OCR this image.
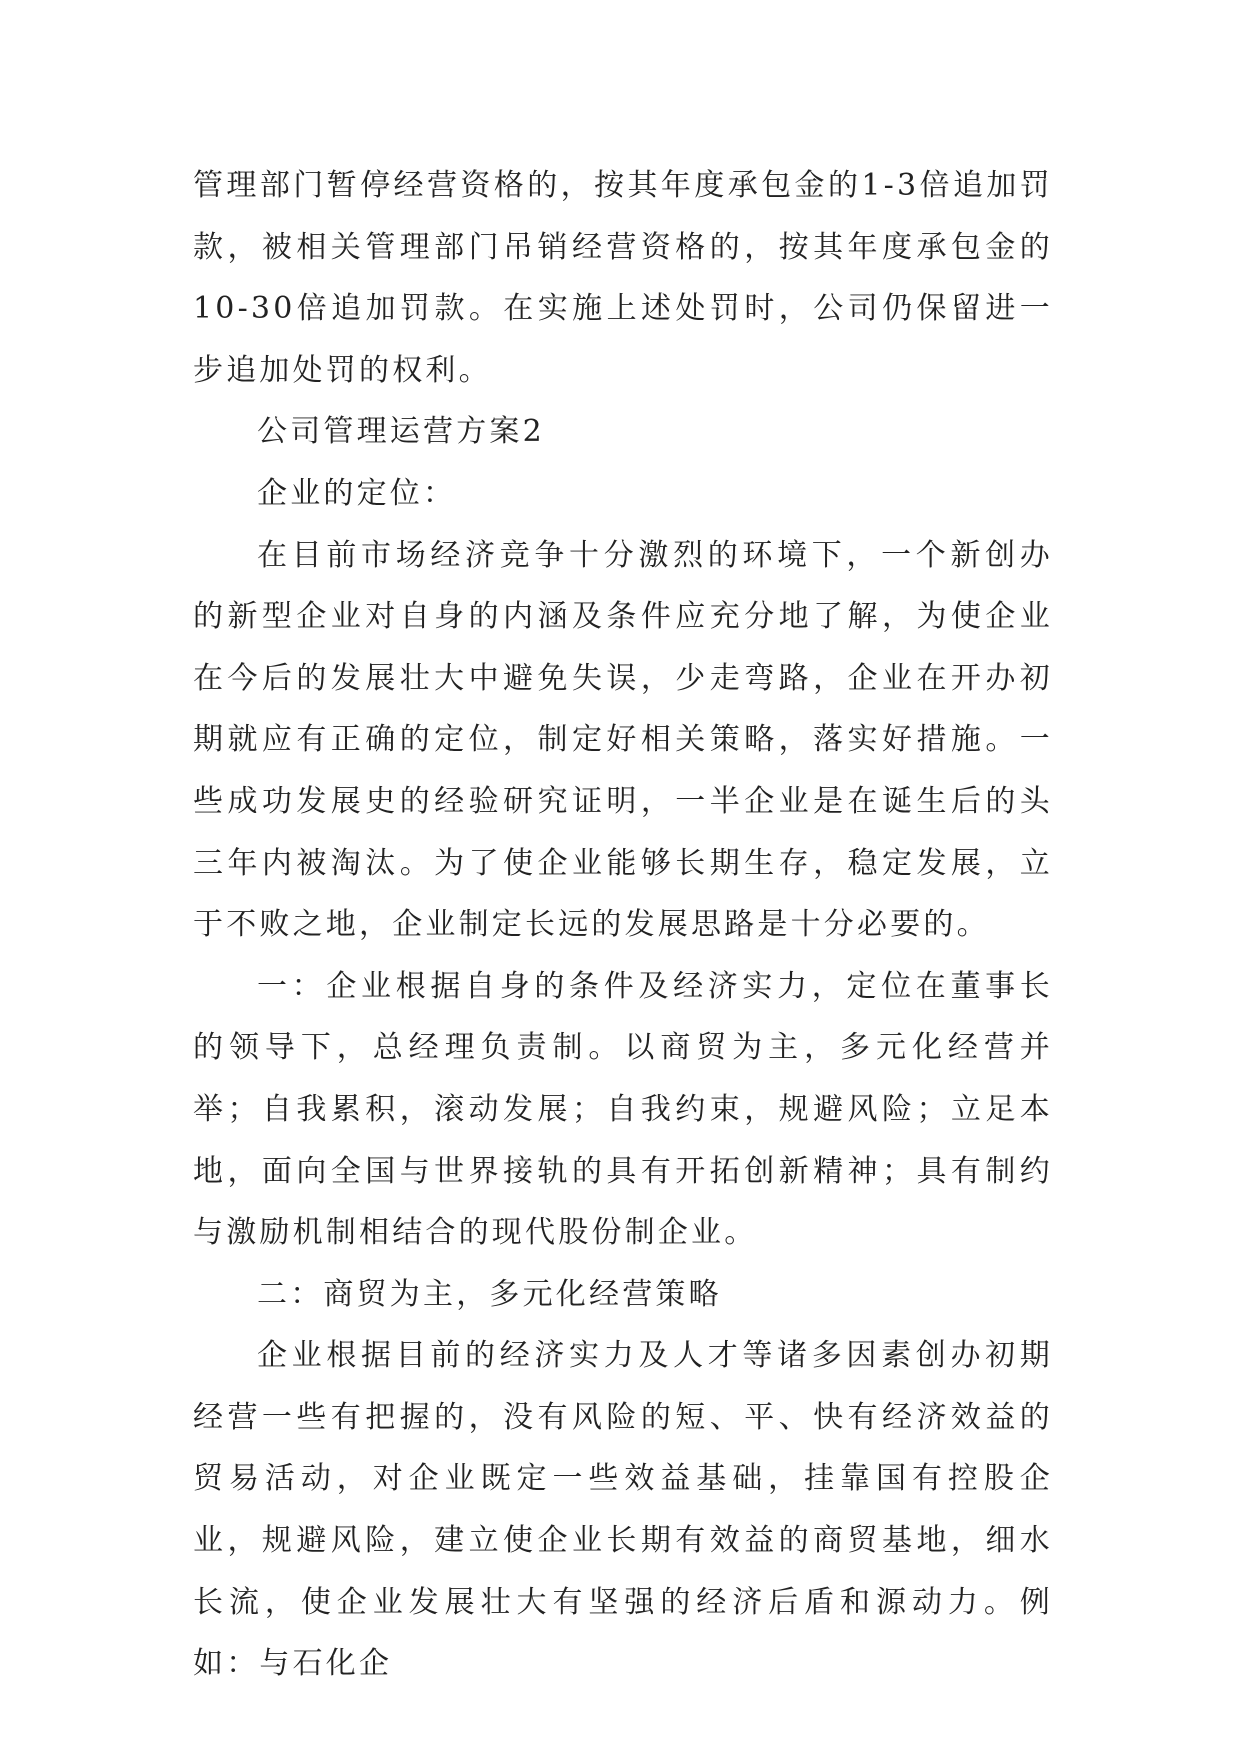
管理部门暂停经营资格的，按其年度承包金的1-3倍追加罚款，被相关管理部门吊销经营资格的，按其年度承包金的10-30倍追加罚款。在实施上述处罚时，公司仍保留进一步追加处罚的权利。

公司管理运营方案2

企业的定位：

在目前市场经济竞争十分激烈的环境下，一个新创办的新型企业对自身的内涵及条件应充分地了解，为使企业在今后的发展壮大中避免失误，少走弯路，企业在开办初期就应有正确的定位，制定好相关策略，落实好措施。一些成功发展史的经验研究证明，一半企业是在诞生后的头三年内被淘汰。为了使企业能够长期生存，稳定发展，立于不败之地，企业制定长远的发展思路是十分必要的。

一：企业根据自身的条件及经济实力，定位在董事长的领导下，总经理负责制。以商贸为主，多元化经营并举；自我累积，滚动发展；自我约束，规避风险；立足本地，面向全国与世界接轨的具有开拓创新精神；具有制约与激励机制相结合的现代股份制企业。

二：商贸为主，多元化经营策略

企业根据目前的经济实力及人才等诸多因素创办初期经营一些有把握的，没有风险的短、平、快有经济效益的贸易活动，对企业既定一些效益基础，挂靠国有控股企业，规避风险，建立使企业长期有效益的商贸基地，细水长流，使企业发展壮大有坚强的经济后盾和源动力。例如：与石化企
